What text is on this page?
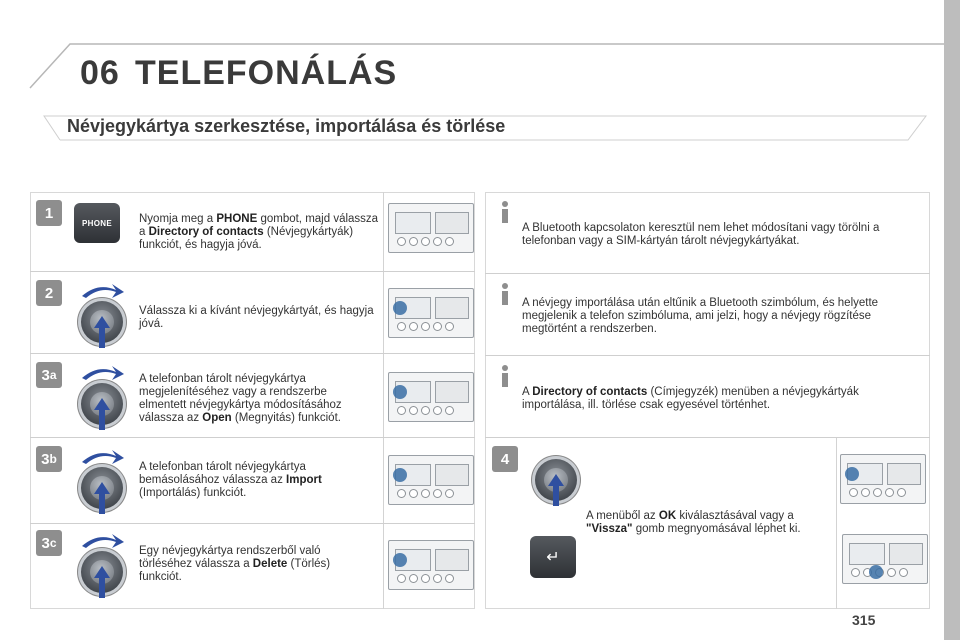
06 TELEFONÁLÁS
Névjegykártya szerkesztése, importálása és törlése
1
PHONE Nyomja meg a PHONE gombot, majd válassza a Directory of contacts (Névjegykártyák) funkciót, és hagyja jóvá.
2
Válassza ki a kívánt névjegykártyát, és hagyja jóvá.
3 a	A telefonban tárolt névjegykártya megjelenítéséhez vagy a rendszerbe elmentett névjegykártya módosításához válassza az Open (Megnyitás) funkciót.
3 b
A telefonban tárolt névjegykártya bemásolásához válassza az Import (Importálás) funkciót.
3 c
Egy névjegykártya rendszerből való törléséhez válassza a Delete (Törlés) funkciót.
A Bluetooth kapcsolaton keresztül nem lehet módosítani vagy törölni a telefonban vagy a SIM-kártyán tárolt névjegykártyákat.
A névjegy importálása után eltűnik a Bluetooth szimbólum, és helyette megjelenik a telefon szimbóluma, ami jelzi, hogy a névjegy rögzítése megtörtént a rendszerben.
A Directory of contacts (Címjegyzék) menüben a névjegykártyák importálása, ill. törlése csak egyesével történhet.
4
↵
A menüből az OK kiválasztásával vagy a "Vissza" gomb megnyomásával léphet ki.
315
